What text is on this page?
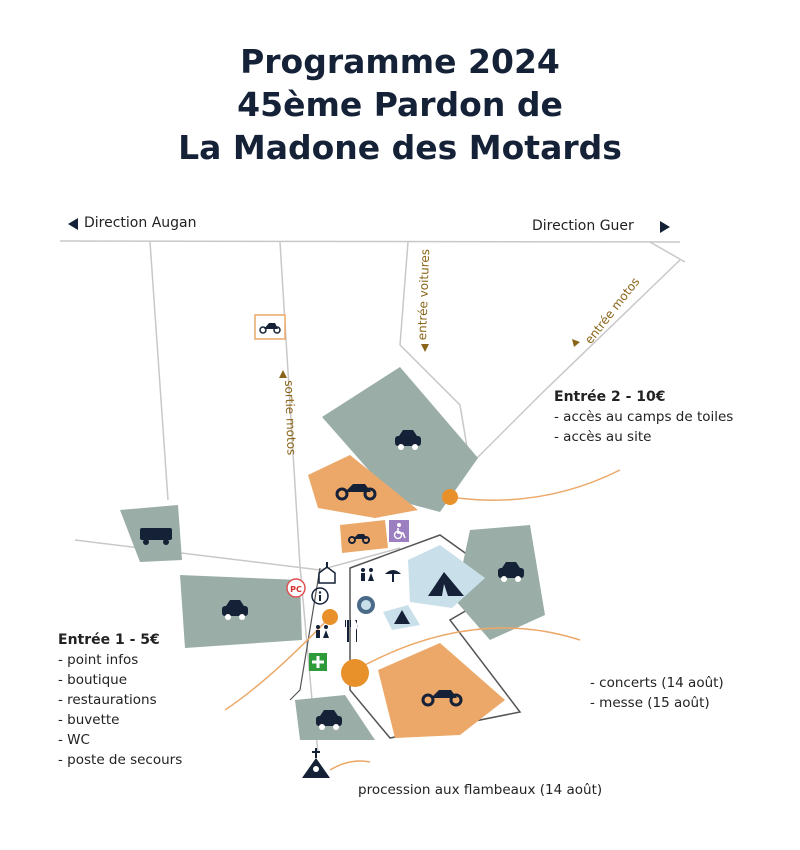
Programme 2024
45ème Pardon de
La Madone des Motards
PC
Direction Augan	Direction Guer
entrée voitures	entrée motos
sortie motos	Entrée 2 - 10€
- accès au camps de toiles
- accès au site
Entrée 1 - 5€
- point infos
- boutique
- restaurations
- buvette
- WC
- poste de secours
- concerts (14 août)
- messe (15 août)
procession aux flambeaux (14 août)
